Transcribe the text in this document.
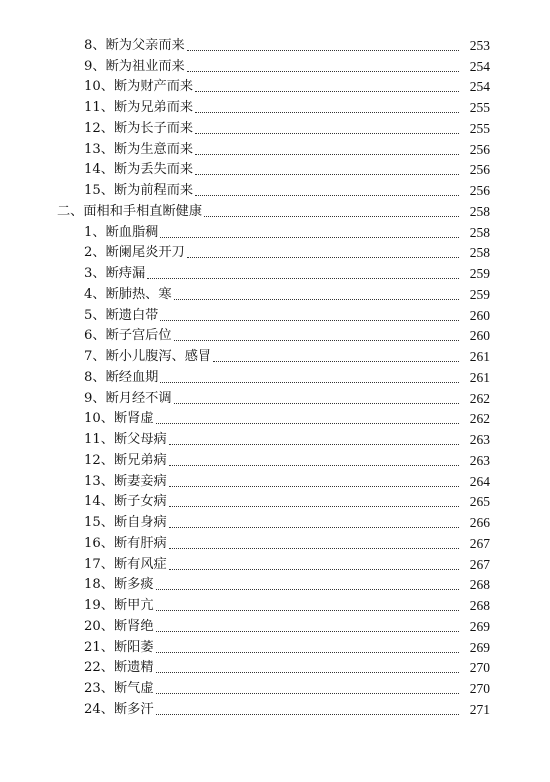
8、断为父亲而来	253
9、断为祖业而来	254
10、断为财产而来	254
11、断为兄弟而来	255
12、断为长子而来	255
13、断为生意而来	256
14、断为丢失而来	256
15、断为前程而来	256
二、面相和手相直断健康	258
1、断血脂稠	258
2、断阑尾炎开刀	258
3、断痔漏	259
4、断肺热、寒	259
5、断遗白带	260
6、断子宫后位	260
7、断小儿腹泻、感冒	261
8、断经血期	261
9、断月经不调	262
10、断肾虚	262
11、断父母病	263
12、断兄弟病	263
13、断妻妾病	264
14、断子女病	265
15、断自身病	266
16、断有肝病	267
17、断有风症	267
18、断多痰	268
19、断甲亢	268
20、断肾绝	269
21、断阳萎	269
22、断遗精	270
23、断气虚	270
24、断多汗	271
